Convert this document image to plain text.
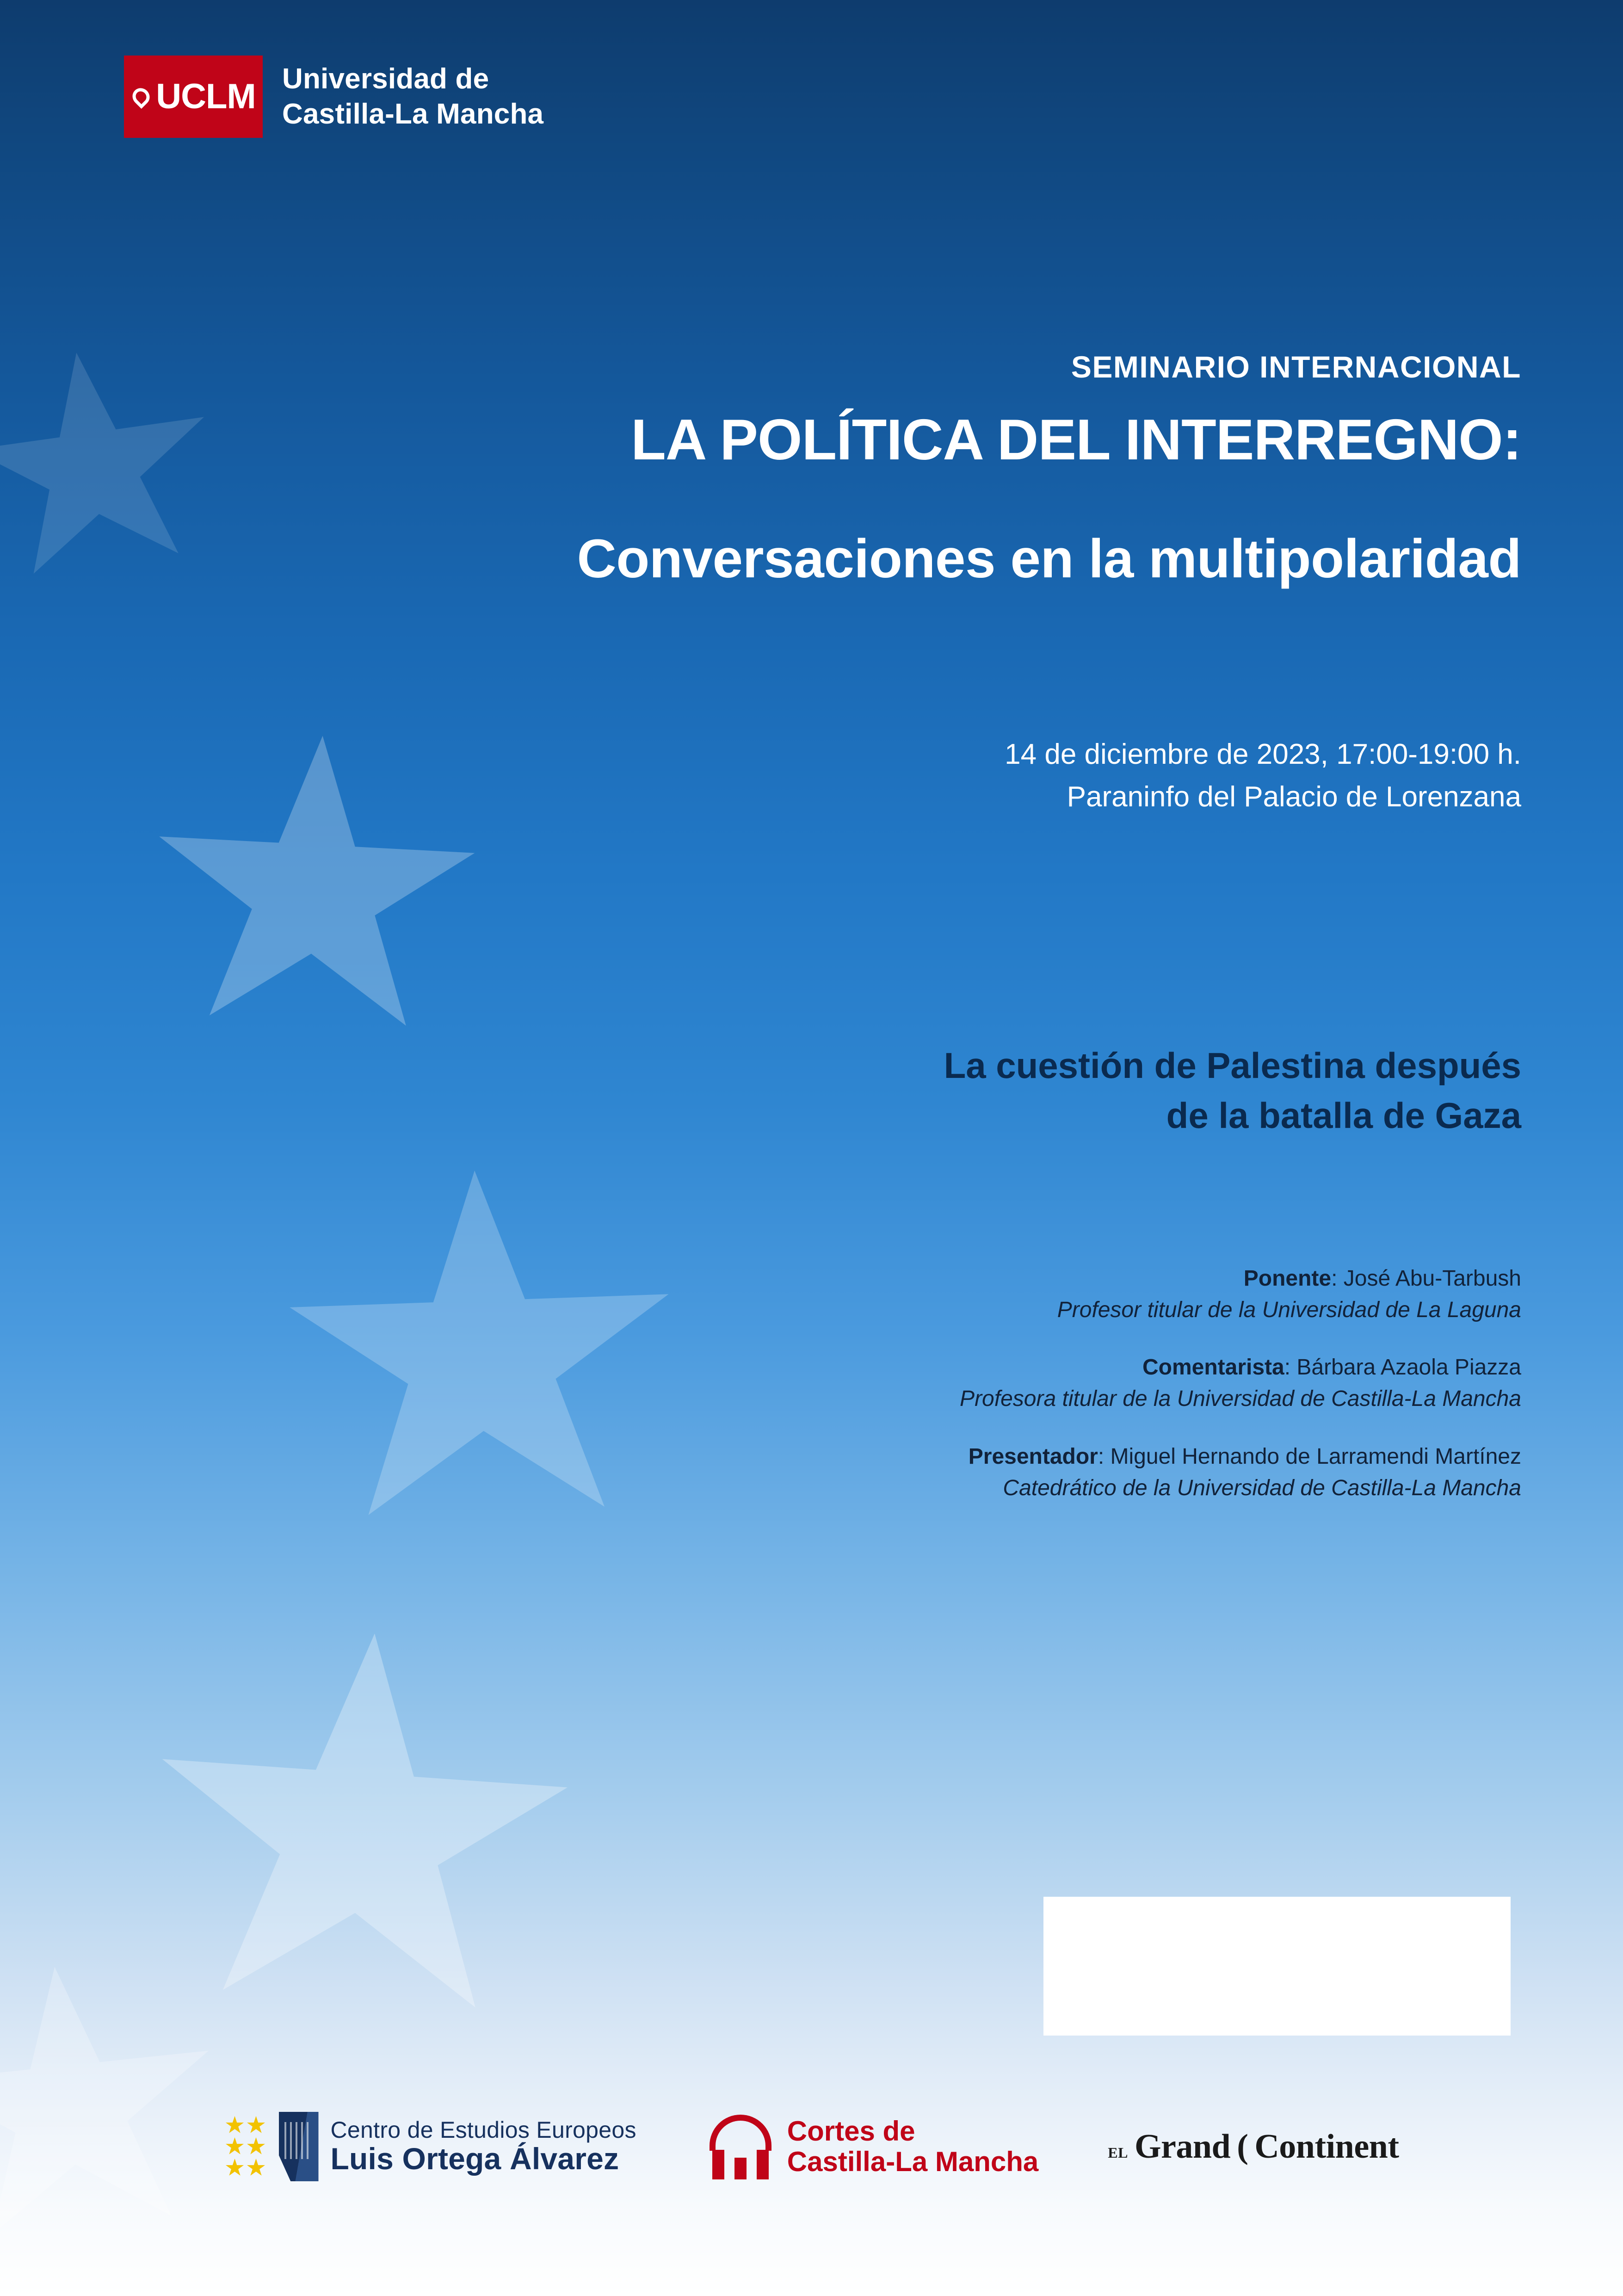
UCLM Universidad de
Castilla-La Mancha
SEMINARIO INTERNACIONAL
LA POLÍTICA DEL INTERREGNO:
Conversaciones en la multipolaridad
14 de diciembre de 2023, 17:00-19:00 h.
Paraninfo del Palacio de Lorenzana
La cuestión de Palestina después
de la batalla de Gaza
Ponente: José Abu-Tarbush
Profesor titular de la Universidad de La Laguna
Comentarista: Bárbara Azaola Piazza
Profesora titular de la Universidad de Castilla-La Mancha
Presentador: Miguel Hernando de Larramendi Martínez
Catedrático de la Universidad de Castilla-La Mancha
Centro de Estudios Europeos
Luis Ortega Álvarez
Cortes de
Castilla-La Mancha	EL Grand ( Continent
